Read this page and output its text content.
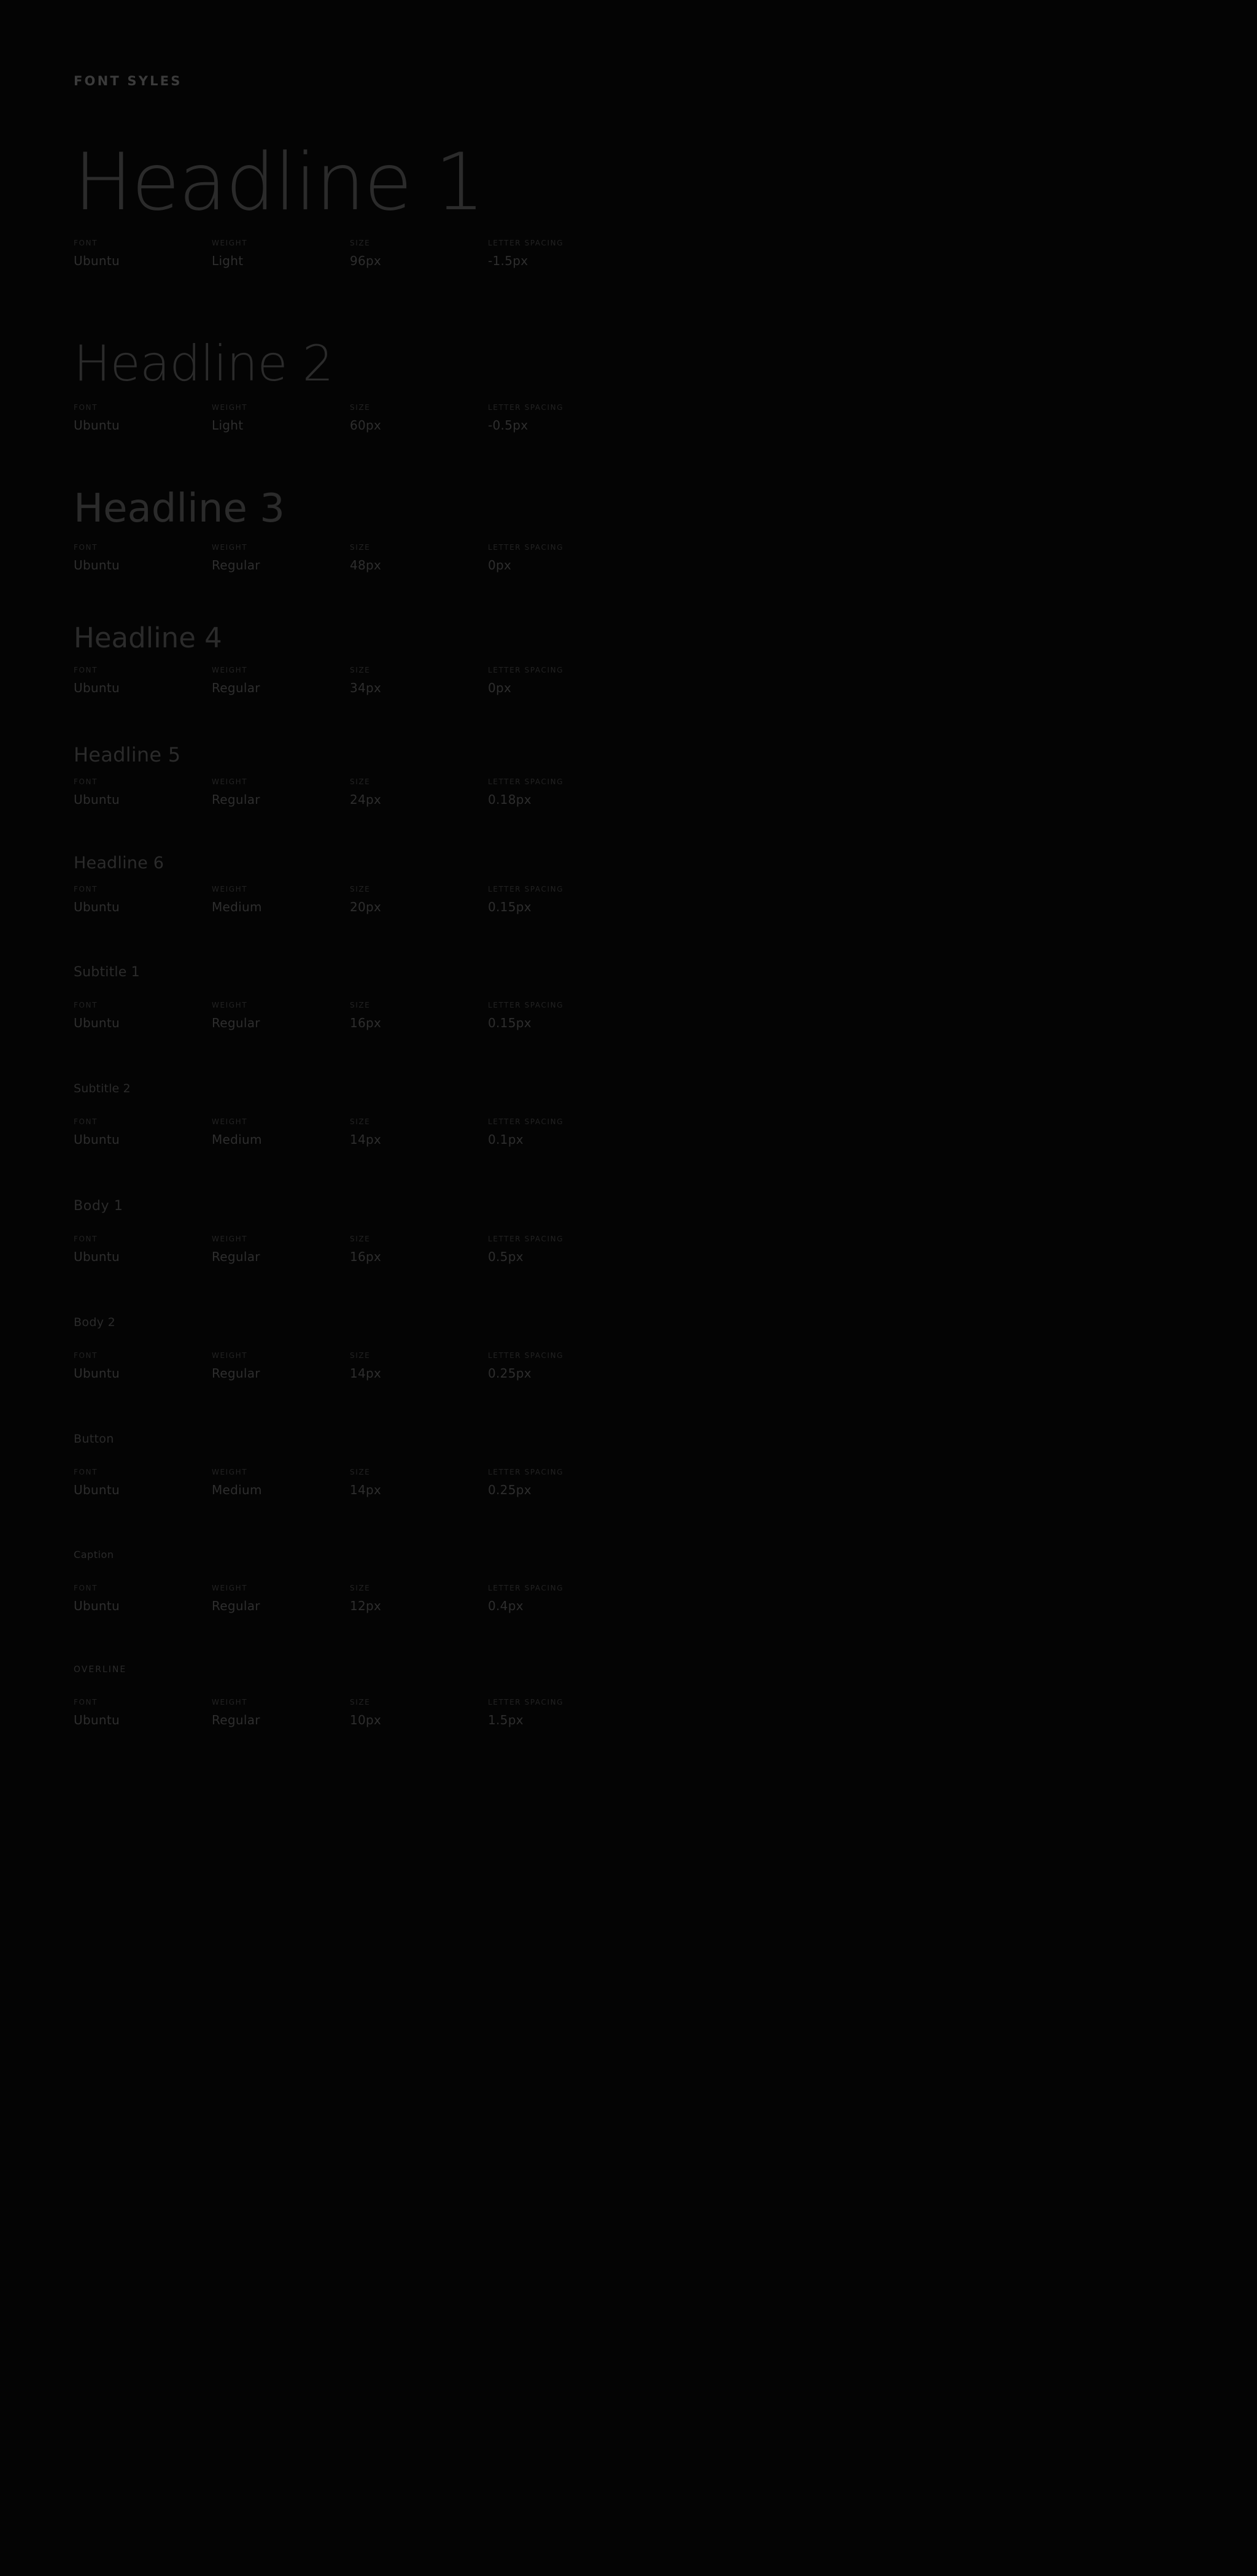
FONT SYLES
Headline 1
FONT
Ubuntu
WEIGHT
Light
SIZE
96px
LETTER SPACING
-1.5px
Headline 2
FONT
Ubuntu
WEIGHT
Light
SIZE
60px
LETTER SPACING
-0.5px
Headline 3
FONT
Ubuntu
WEIGHT
Regular
SIZE
48px
LETTER SPACING
0px
Headline 4
FONT
Ubuntu
WEIGHT
Regular
SIZE
34px
LETTER SPACING
0px
Headline 5
FONT
Ubuntu
WEIGHT
Regular
SIZE
24px
LETTER SPACING
0.18px
Headline 6
FONT
Ubuntu
WEIGHT
Medium
SIZE
20px
LETTER SPACING
0.15px
Subtitle 1
FONT
Ubuntu
WEIGHT
Regular
SIZE
16px
LETTER SPACING
0.15px
Subtitle 2
FONT
Ubuntu
WEIGHT
Medium
SIZE
14px
LETTER SPACING
0.1px
Body 1
FONT
Ubuntu
WEIGHT
Regular
SIZE
16px
LETTER SPACING
0.5px
Body 2
FONT
Ubuntu
WEIGHT
Regular
SIZE
14px
LETTER SPACING
0.25px
Button
FONT
Ubuntu
WEIGHT
Medium
SIZE
14px
LETTER SPACING
0.25px
Caption
FONT
Ubuntu
WEIGHT
Regular
SIZE
12px
LETTER SPACING
0.4px
OVERLINE
FONT
Ubuntu
WEIGHT
Regular
SIZE
10px
LETTER SPACING
1.5px
